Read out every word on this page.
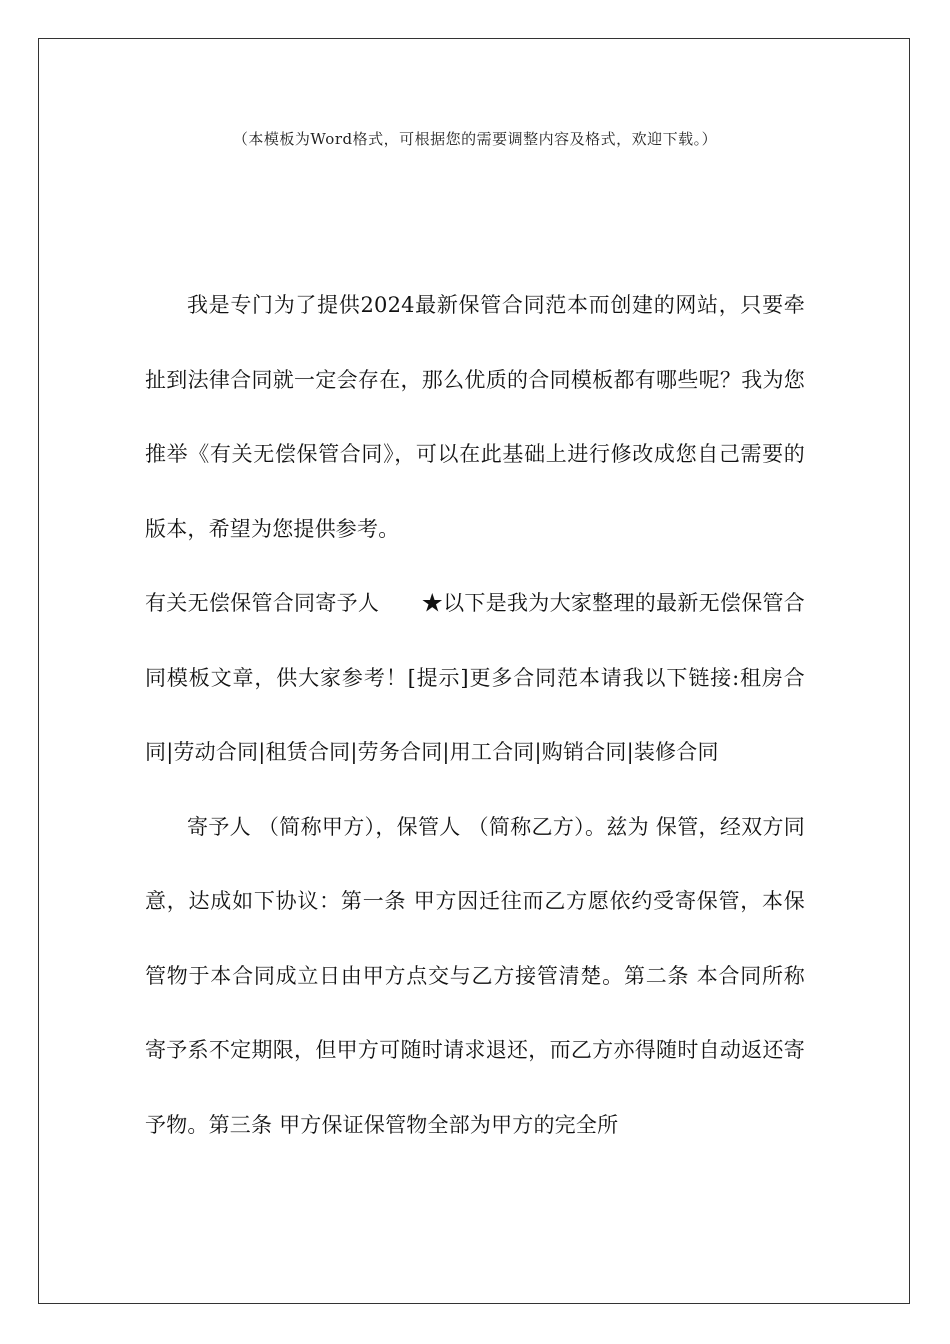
（本模板为Word格式，可根据您的需要调整内容及格式，欢迎下载。）

我是专门为了提供2024最新保管合同范本而创建的网站，只要牵扯到法律合同就一定会存在，那么优质的合同模板都有哪些呢？我为您推举《有关无偿保管合同》，可以在此基础上进行修改成您自己需要的版本，希望为您提供参考。

有关无偿保管合同寄予人　　★以下是我为大家整理的最新无偿保管合同模板文章，供大家参考！[提示]更多合同范本请我以下链接:租房合同|劳动合同|租赁合同|劳务合同|用工合同|购销合同|装修合同

寄予人 （简称甲方），保管人 （简称乙方）。兹为 保管，经双方同意，达成如下协议：第一条 甲方因迁往而乙方愿依约受寄保管，本保管物于本合同成立日由甲方点交与乙方接管清楚。第二条 本合同所称寄予系不定期限，但甲方可随时请求退还，而乙方亦得随时自动返还寄予物。第三条 甲方保证保管物全部为甲方的完全所
